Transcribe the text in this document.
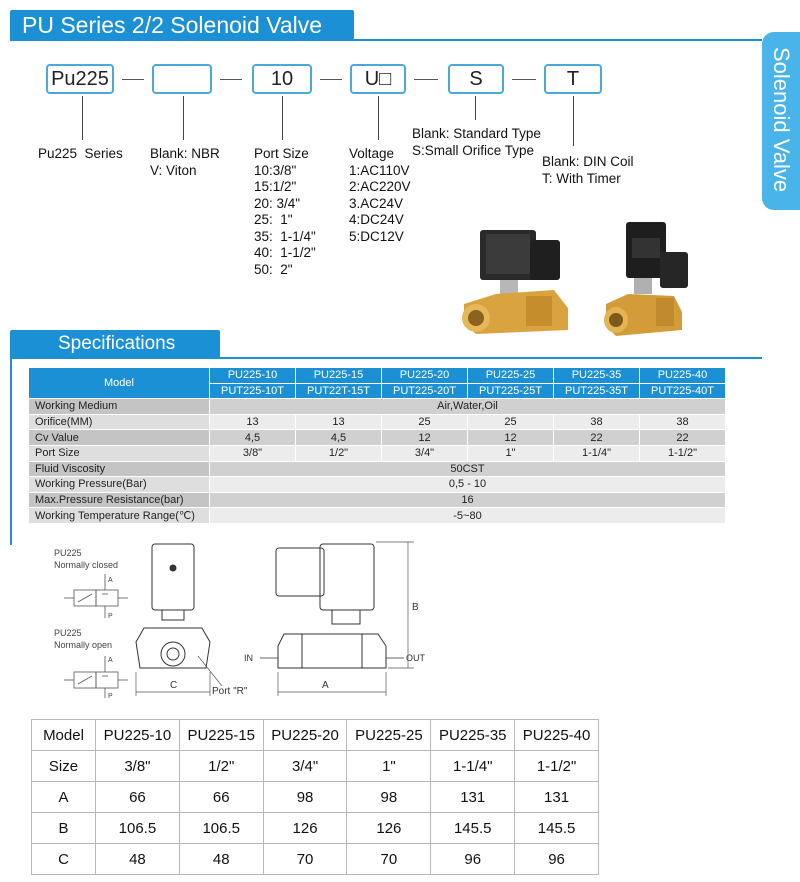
PU Series 2/2 Solenoid Valve
Solenoid Valve
Pu225	10	U□	S	T
Pu225  Series Blank: NBR
V: Viton
Port Size
10:3/8"
15:1/2"
20: 3/4"
25:  1"
35:  1-1/4"
40:  1-1/2"
50:  2"
Voltage
1:AC110V
2:AC220V
3.AC24V
4:DC24V
5:DC12V
Blank: Standard Type
S:Small Orifice Type
Blank: DIN Coil
T: With Timer
Specifications
Model	PU225-10	PU225-15	PU225-20	PU225-25	PU225-35	PU225-40
	PUT225-10T	PUT22T-15T	PUT225-20T	PUT225-25T	PUT225-35T	PUT225-40T
Working Medium	Air,Water,Oil					
Orifice(MM)	13	13	25	25	38	38
Cv Value	4,5	4,5	12	12	22	22
Port Size	3/8"	1/2"	3/4"	1"	1-1/4"	1-1/2"
Fluid Viscosity	50CST					
Working Pressure(Bar)	0,5 - 10					
Max.Pressure Resistance(bar)	16					
Working Temperature Range(℃)	-5~80					
PU225
Normally closed
PU225
Normally open
A
P
A
P
C
Port "R"
IN	OUT
A
B
Model	PU225-10	PU225-15	PU225-20	PU225-25	PU225-35	PU225-40
Size	3/8"	1/2"	3/4"	1"	1-1/4"	1-1/2"
A	66	66	98	98	131	131
B	106.5	106.5	126	126	145.5	145.5
C	48	48	70	70	96	96
